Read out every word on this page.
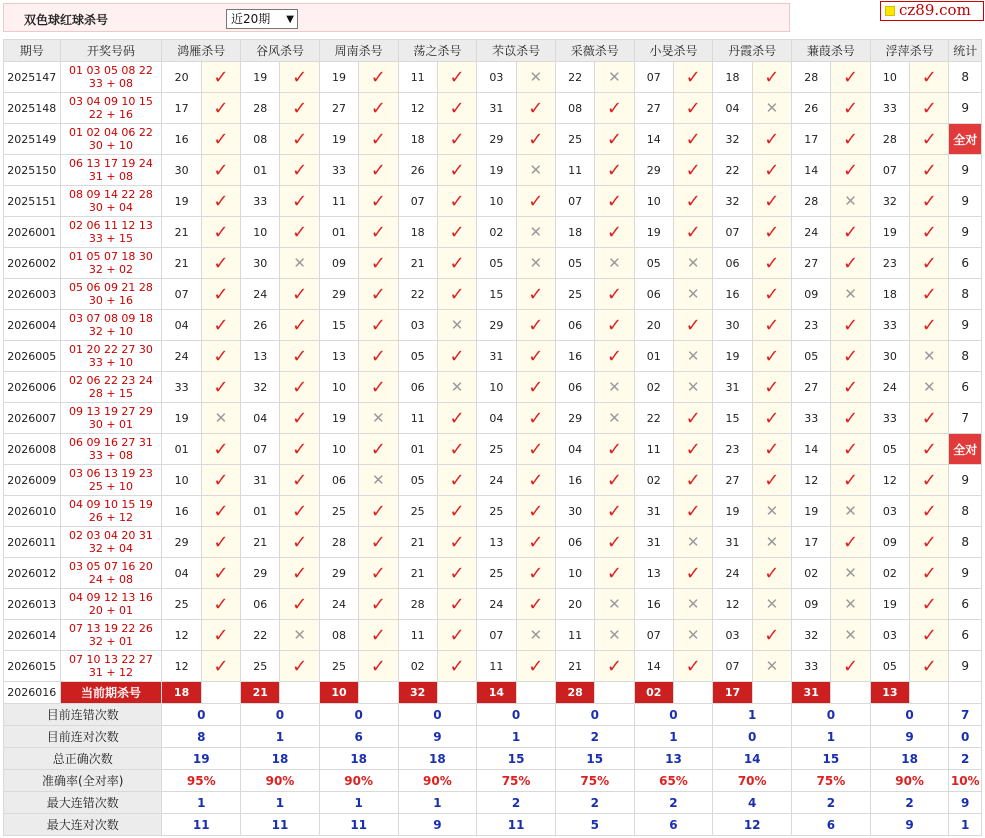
双色球红球杀号	近20期 ▼
cz89.com
期号	开奖号码	鸿雁杀号		谷风杀号		周南杀号		荡之杀号		芣苡杀号		采薇杀号		小旻杀号		丹霞杀号		蒹葭杀号		浮萍杀号		统计
2025147	01 03 05 08 22 33 + 08	20	✓	19	✓	19	✓	11	✓	03	✕	22	✕	07	✓	18	✓	28	✓	10	✓	8
2025148	03 04 09 10 15 22 + 16	17	✓	28	✓	27	✓	12	✓	31	✓	08	✓	27	✓	04	✕	26	✓	33	✓	9
2025149	01 02 04 06 22 30 + 10	16	✓	08	✓	19	✓	18	✓	29	✓	25	✓	14	✓	32	✓	17	✓	28	✓	全对
2025150	06 13 17 19 24 31 + 08	30	✓	01	✓	33	✓	26	✓	19	✕	11	✓	29	✓	22	✓	14	✓	07	✓	9
2025151	08 09 14 22 28 30 + 04	19	✓	33	✓	11	✓	07	✓	10	✓	07	✓	10	✓	32	✓	28	✕	32	✓	9
2026001	02 06 11 12 13 33 + 15	21	✓	10	✓	01	✓	18	✓	02	✕	18	✓	19	✓	07	✓	24	✓	19	✓	9
2026002	01 05 07 18 30 32 + 02	21	✓	30	✕	09	✓	21	✓	05	✕	05	✕	05	✕	06	✓	27	✓	23	✓	6
2026003	05 06 09 21 28 30 + 16	07	✓	24	✓	29	✓	22	✓	15	✓	25	✓	06	✕	16	✓	09	✕	18	✓	8
2026004	03 07 08 09 18 32 + 10	04	✓	26	✓	15	✓	03	✕	29	✓	06	✓	20	✓	30	✓	23	✓	33	✓	9
2026005	01 20 22 27 30 33 + 10	24	✓	13	✓	13	✓	05	✓	31	✓	16	✓	01	✕	19	✓	05	✓	30	✕	8
2026006	02 06 22 23 24 28 + 15	33	✓	32	✓	10	✓	06	✕	10	✓	06	✕	02	✕	31	✓	27	✓	24	✕	6
2026007	09 13 19 27 29 30 + 01	19	✕	04	✓	19	✕	11	✓	04	✓	29	✕	22	✓	15	✓	33	✓	33	✓	7
2026008	06 09 16 27 31 33 + 08	01	✓	07	✓	10	✓	01	✓	25	✓	04	✓	11	✓	23	✓	14	✓	05	✓	全对
2026009	03 06 13 19 23 25 + 10	10	✓	31	✓	06	✕	05	✓	24	✓	16	✓	02	✓	27	✓	12	✓	12	✓	9
2026010	04 09 10 15 19 26 + 12	16	✓	01	✓	25	✓	25	✓	25	✓	30	✓	31	✓	19	✕	19	✕	03	✓	8
2026011	02 03 04 20 31 32 + 04	29	✓	21	✓	28	✓	21	✓	13	✓	06	✓	31	✕	31	✕	17	✓	09	✓	8
2026012	03 05 07 16 20 24 + 08	04	✓	29	✓	29	✓	21	✓	25	✓	10	✓	13	✓	24	✓	02	✕	02	✓	9
2026013	04 09 12 13 16 20 + 01	25	✓	06	✓	24	✓	28	✓	24	✓	20	✕	16	✕	12	✕	09	✕	19	✓	6
2026014	07 13 19 22 26 32 + 01	12	✓	22	✕	08	✓	11	✓	07	✕	11	✕	07	✕	03	✓	32	✕	03	✓	6
2026015	07 10 13 22 27 31 + 12	12	✓	25	✓	25	✓	02	✓	11	✓	21	✓	14	✓	07	✕	33	✓	05	✓	9
2026016	当前期杀号	18		21		10		32		14		28		02		17		31		13		
目前连错次数		0		0		0		0		0		0		0		1		0		0		7
目前连对次数		8		1		6		9		1		2		1		0		1		9		0
总正确次数		19		18		18		18		15		15		13		14		15		18		2
准确率(全对率)		95%		90%		90%		90%		75%		75%		65%		70%		75%		90%		10%
最大连错次数		1		1		1		1		2		2		2		4		2		2		9
最大连对次数		11		11		11		9		11		5		6		12		6		9		1
